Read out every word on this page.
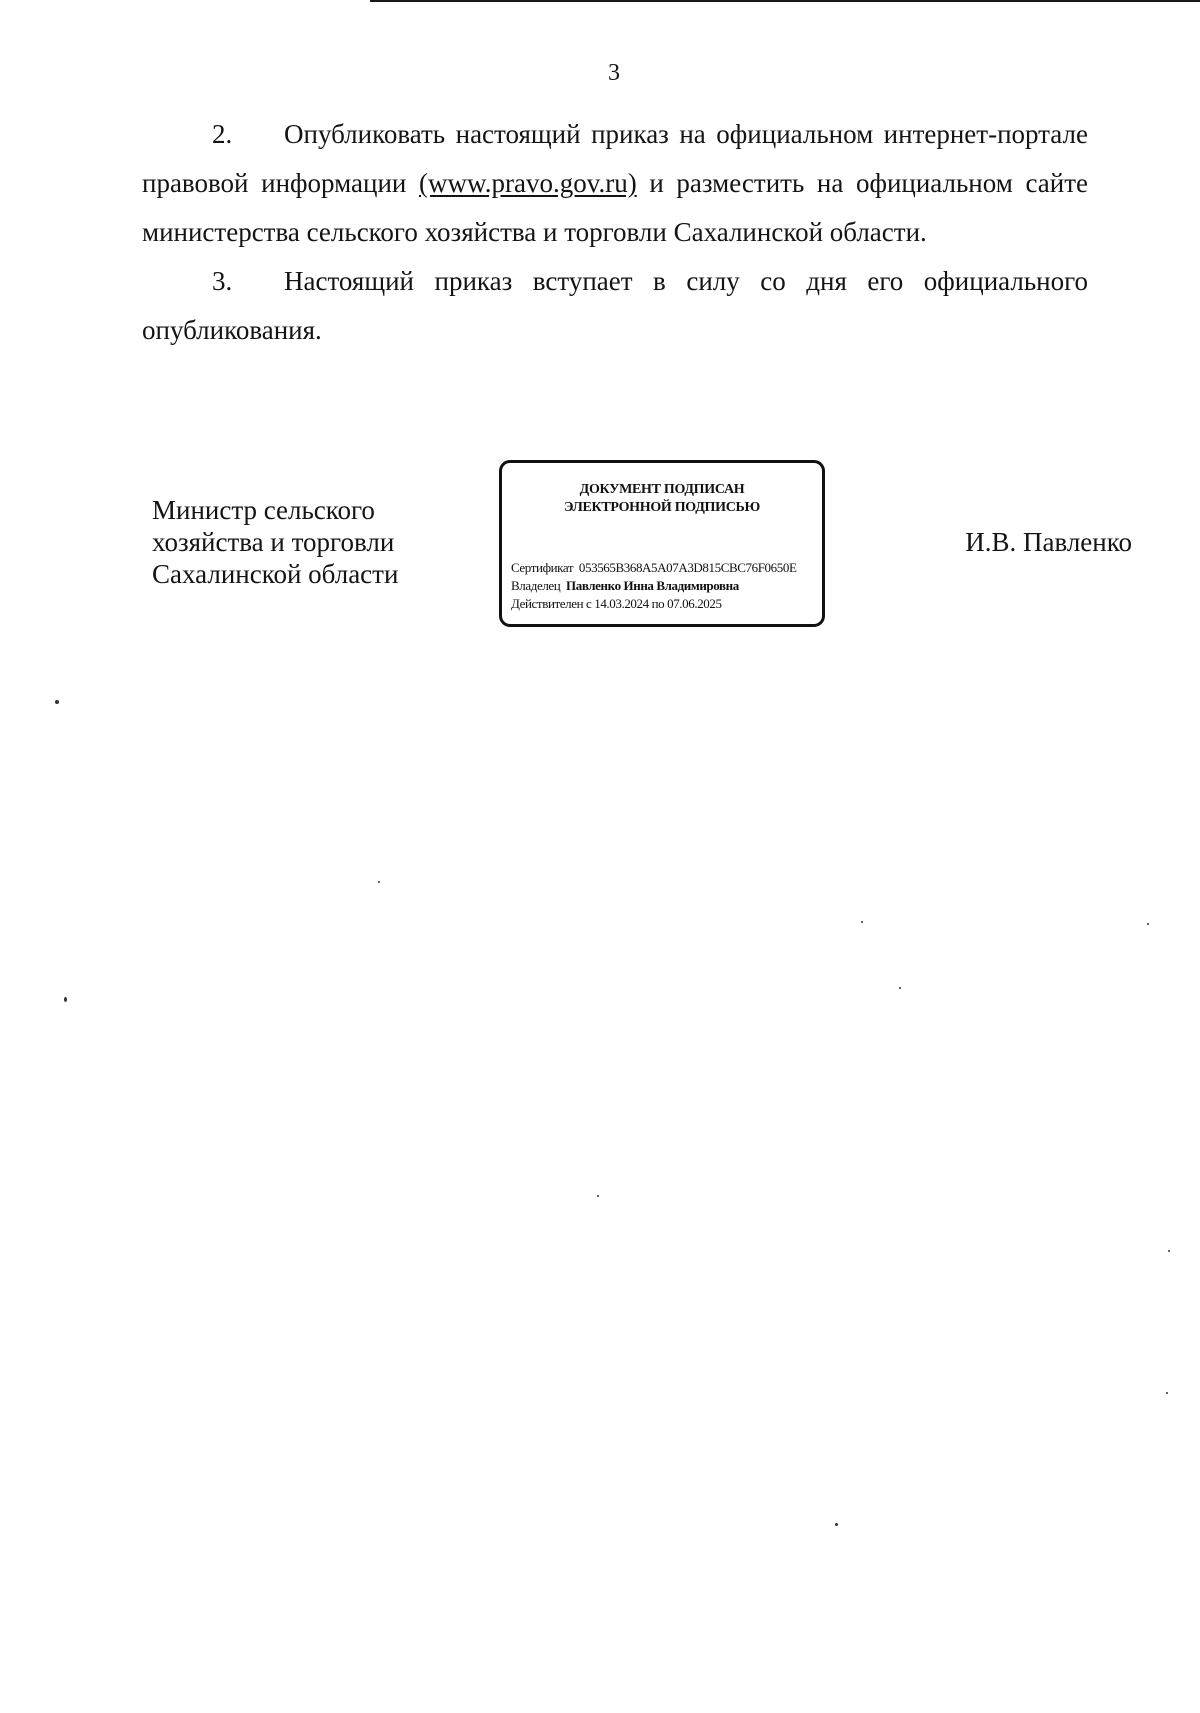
3

2. Опубликовать настоящий приказ на официальном интернет-портале правовой информации (www.pravo.gov.ru) и разместить на официальном сайте министерства сельского хозяйства и торговли Сахалинской области.

3. Настоящий приказ вступает в силу со дня его официального опубликования.

Министр сельского
хозяйства и торговли
Сахалинской области
ДОКУМЕНТ ПОДПИСАН
ЭЛЕКТРОННОЙ ПОДПИСЬЮ
Сертификат 053565B368A5A07A3D815CBC76F0650E
Владелец Павленко Инна Владимировна
Действителен с 14.03.2024 по 07.06.2025
И.В. Павленко
